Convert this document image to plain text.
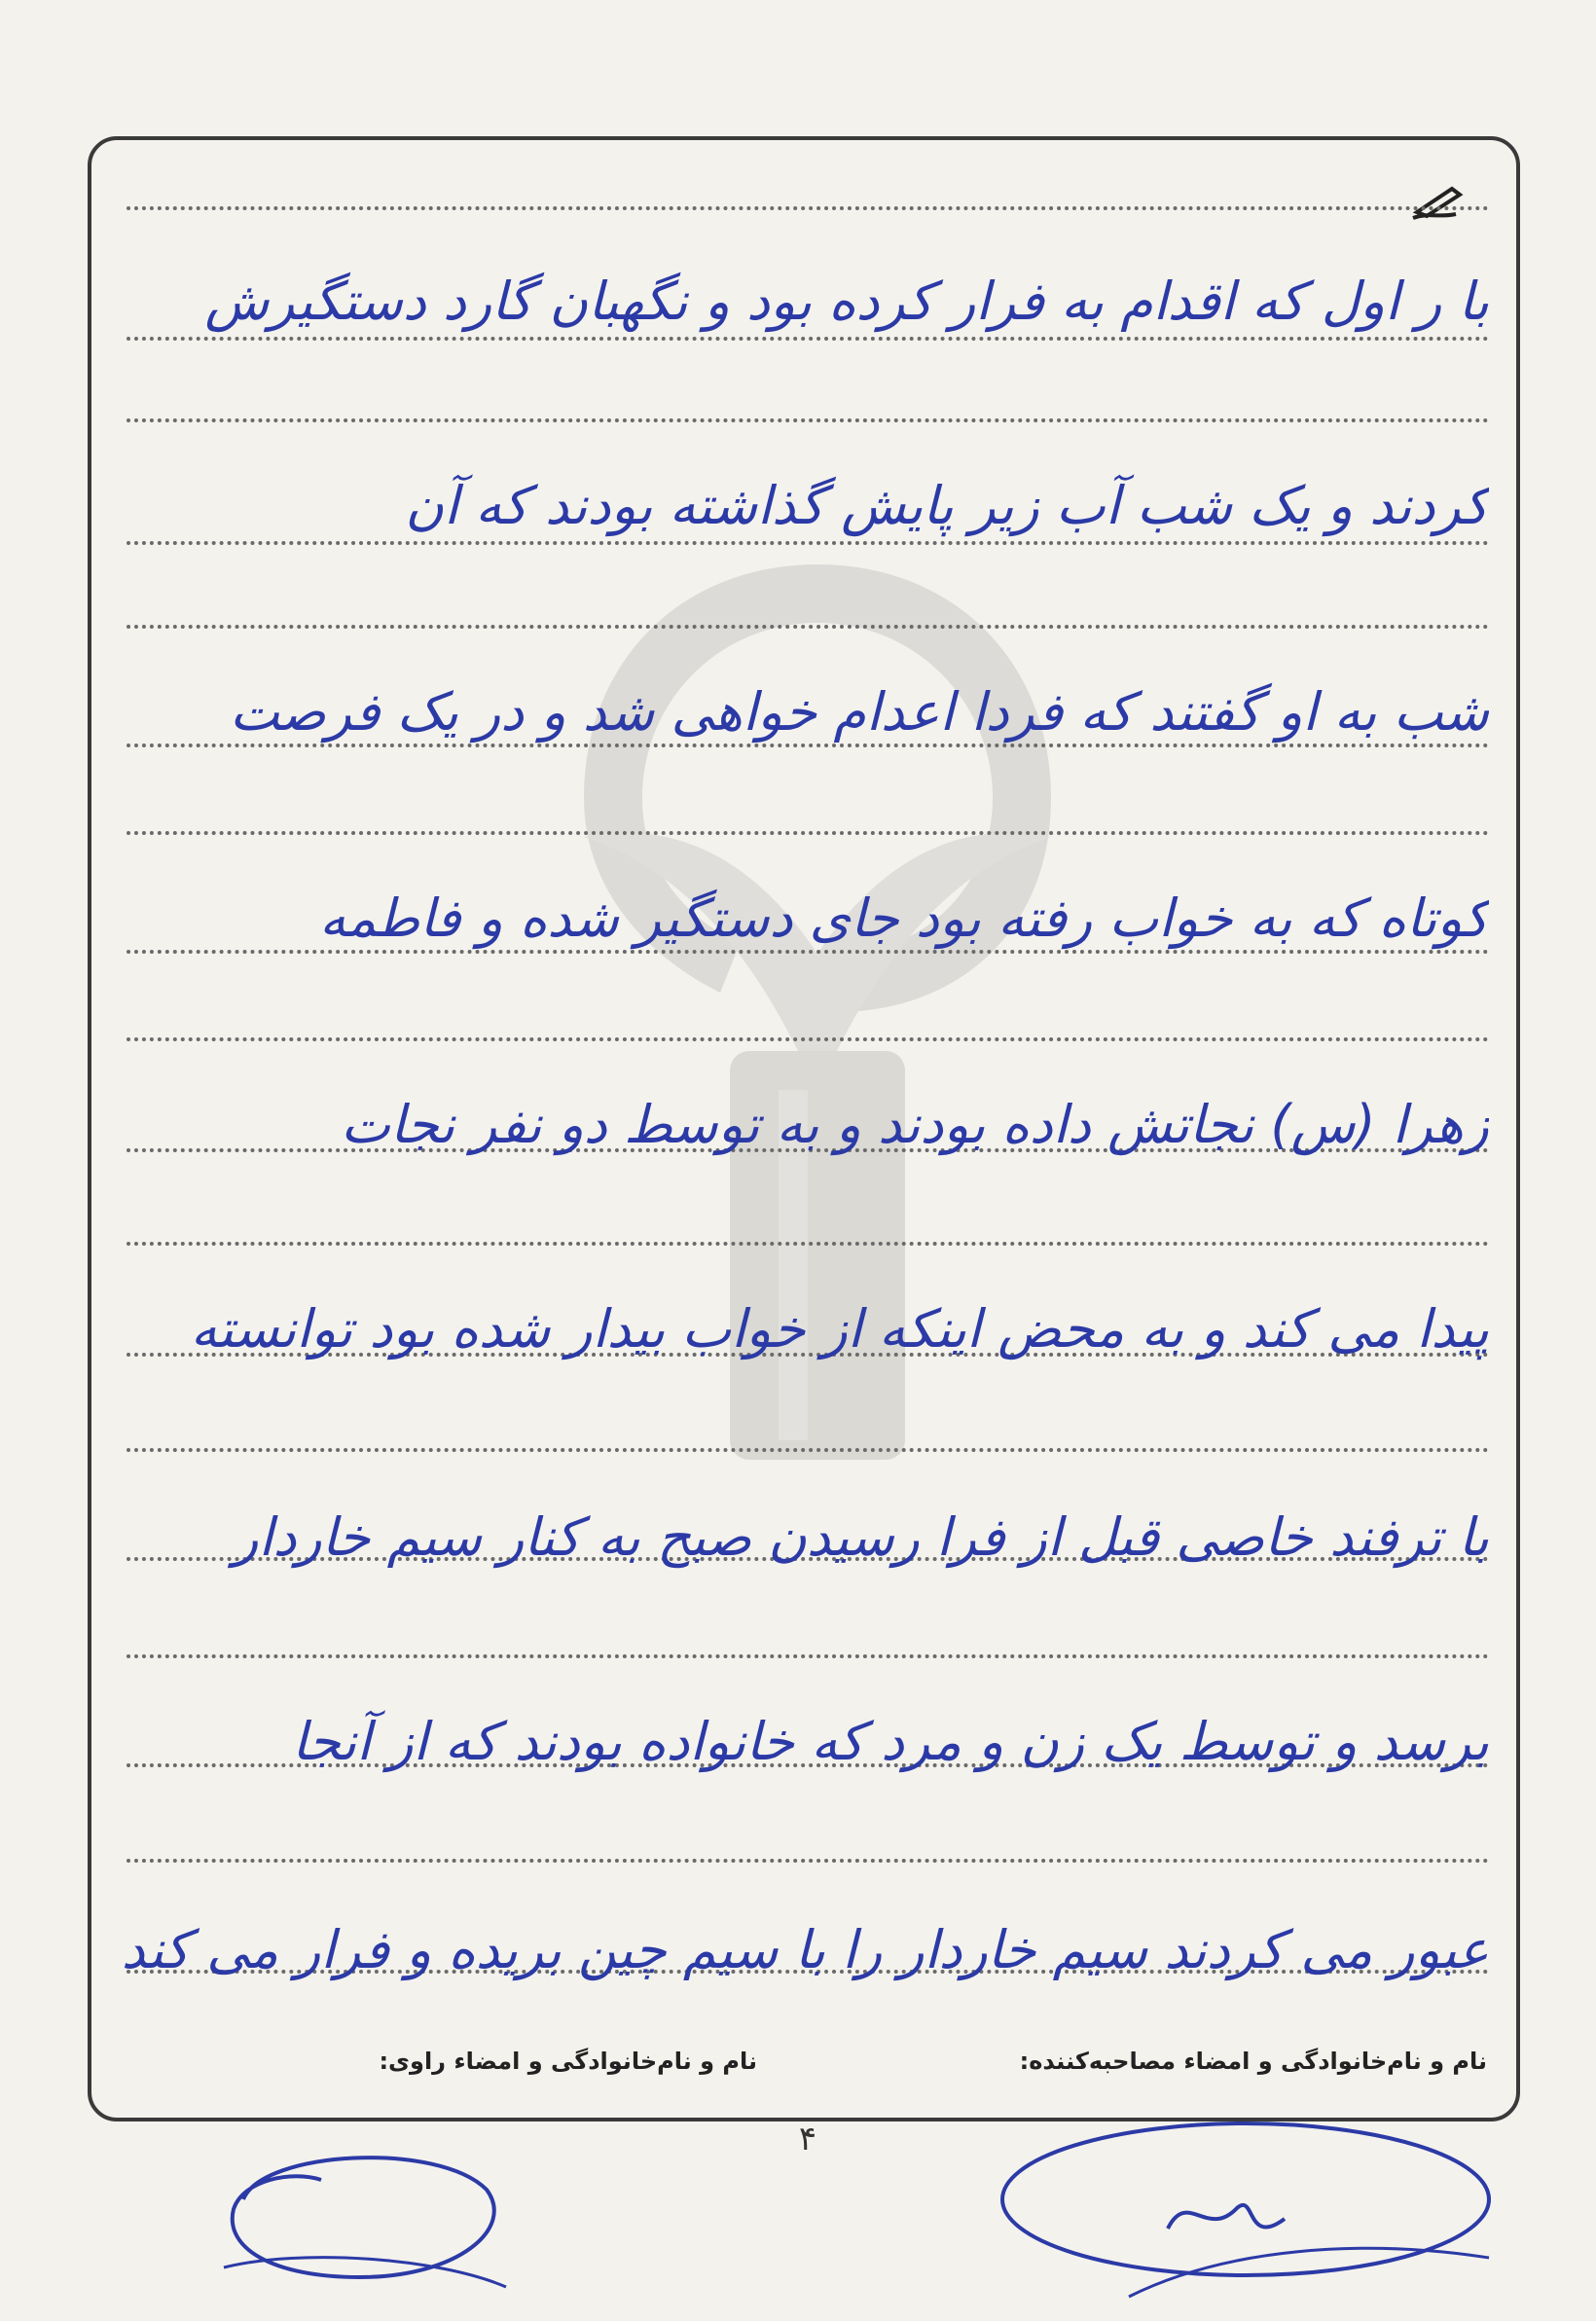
با ر اول که اقدام به فرار کرده بود و نگهبان گارد دستگیرش
کردند و یک شب آب زیر پایش گذاشته بودند که آن
شب به او گفتند که فردا اعدام خواهی شد و در یک فرصت
کوتاه که به خواب رفته بود جای دستگیر شده و فاطمه
زهرا (س) نجاتش داده بودند و به توسط دو نفر نجات
پیدا می کند و به محض اینکه از خواب بیدار شده بود توانسته
با ترفند خاصی قبل از فرا رسیدن صبح به کنار سیم خاردار
برسد و توسط یک زن و مرد که خانواده بودند که از آنجا
عبور می کردند سیم خاردار را با سیم چین بریده و فرار می کند
نام و نام‌خانوادگی و امضاء مصاحبه‌کننده:
نام و نام‌خانوادگی و امضاء راوی:
۴
